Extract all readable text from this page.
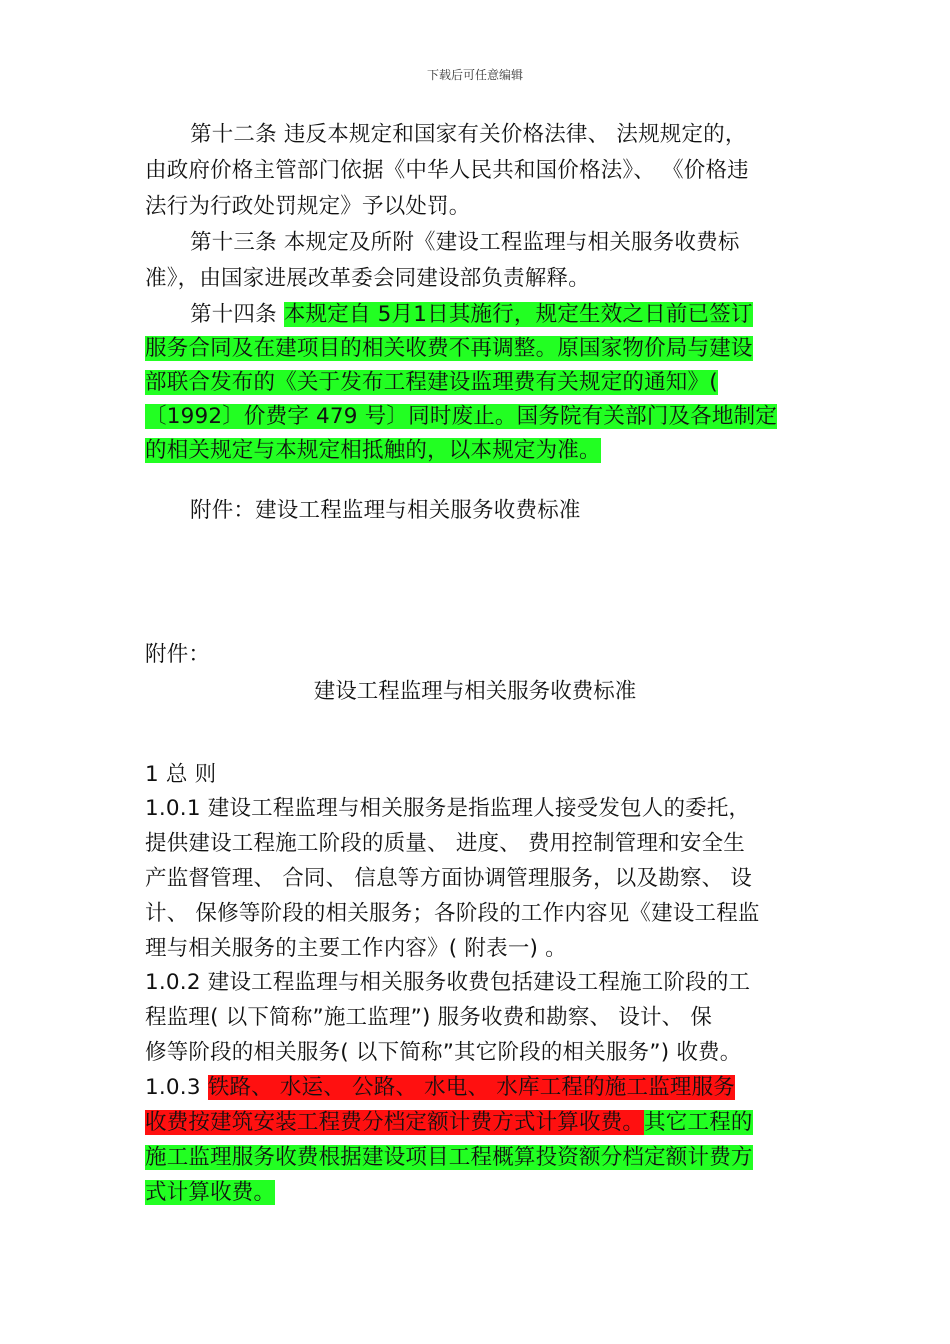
下载后可任意编辑
第十二条 违反本规定和国家有关价格法律、 法规规定的，
由政府价格主管部门依据《中华人民共和国价格法》、 《价格违
法行为行政处罚规定》予以处罚。
第十三条 本规定及所附《建设工程监理与相关服务收费标
准》，由国家进展改革委会同建设部负责解释。
第十四条 本规定自 5月1日其施行，规定生效之日前已签订
服务合同及在建项目的相关收费不再调整。原国家物价局与建设
部联合发布的《关于发布工程建设监理费有关规定的通知》(
〔1992〕价费字 479 号〕同时废止。国务院有关部门及各地制定
的相关规定与本规定相抵触的，以本规定为准。
附件：建设工程监理与相关服务收费标准
附件：
建设工程监理与相关服务收费标准
1 总 则
1.0.1 建设工程监理与相关服务是指监理人接受发包人的委托，
提供建设工程施工阶段的质量、 进度、 费用控制管理和安全生
产监督管理、 合同、 信息等方面协调管理服务，以及勘察、 设
计、 保修等阶段的相关服务；各阶段的工作内容见《建设工程监
理与相关服务的主要工作内容》( 附表一) 。
1.0.2 建设工程监理与相关服务收费包括建设工程施工阶段的工
程监理( 以下简称”施工监理”) 服务收费和勘察、 设计、 保
修等阶段的相关服务( 以下简称”其它阶段的相关服务”) 收费。
1.0.3 铁路、 水运、 公路、 水电、 水库工程的施工监理服务
收费按建筑安装工程费分档定额计费方式计算收费。其它工程的
施工监理服务收费根据建设项目工程概算投资额分档定额计费方
式计算收费。
